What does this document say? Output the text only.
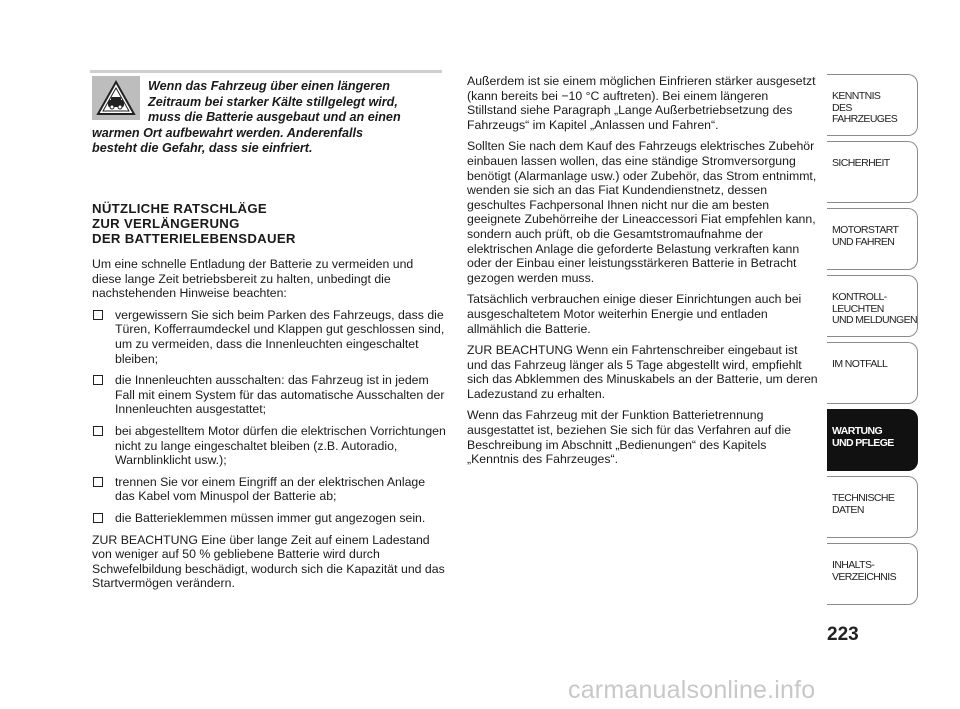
Wenn das Fahrzeug über einen längeren
Zeitraum bei starker Kälte stillgelegt wird,
muss die Batterie ausgebaut und an einen
warmen Ort aufbewahrt werden. Anderenfalls
besteht die Gefahr, dass sie einfriert.
NÜTZLICHE RATSCHLÄGE
ZUR VERLÄNGERUNG
DER BATTERIELEBENSDAUER

Um eine schnelle Entladung der Batterie zu vermeiden und diese lange Zeit betriebsbereit zu halten, unbedingt die nachstehenden Hinweise beachten:

vergewissern Sie sich beim Parken des Fahrzeugs, dass die Türen, Kofferraumdeckel und Klappen gut geschlossen sind, um zu vermeiden, dass die Innenleuchten eingeschaltet bleiben;
die Innenleuchten ausschalten: das Fahrzeug ist in jedem Fall mit einem System für das automatische Ausschalten der Innenleuchten ausgestattet;
bei abgestelltem Motor dürfen die elektrischen Vorrichtungen nicht zu lange eingeschaltet bleiben (z.B. Autoradio, Warnblinklicht usw.);
trennen Sie vor einem Eingriff an der elektrischen Anlage das Kabel vom Minuspol der Batterie ab;
die Batterieklemmen müssen immer gut angezogen sein.

ZUR BEACHTUNG Eine über lange Zeit auf einem Ladestand von weniger auf 50 % gebliebene Batterie wird durch Schwefelbildung beschädigt, wodurch sich die Kapazität und das Startvermögen verändern.

Außerdem ist sie einem möglichen Einfrieren stärker ausgesetzt (kann bereits bei −10 °C auftreten). Bei einem längeren Stillstand siehe Paragraph „Lange Außerbetriebsetzung des Fahrzeugs“ im Kapitel „Anlassen und Fahren“.

Sollten Sie nach dem Kauf des Fahrzeugs elektrisches Zubehör einbauen lassen wollen, das eine ständige Stromversorgung benötigt (Alarmanlage usw.) oder Zubehör, das Strom entnimmt, wenden sie sich an das Fiat Kundendienstnetz, dessen geschultes Fachpersonal Ihnen nicht nur die am besten geeignete Zubehörreihe der Lineaccessori Fiat empfehlen kann, sondern auch prüft, ob die Gesamtstromaufnahme der elektrischen Anlage die geforderte Belastung verkraften kann oder der Einbau einer leistungsstärkeren Batterie in Betracht gezogen werden muss.

Tatsächlich verbrauchen einige dieser Einrichtungen auch bei ausgeschaltetem Motor weiterhin Energie und entladen allmählich die Batterie.

ZUR BEACHTUNG Wenn ein Fahrtenschreiber eingebaut ist und das Fahrzeug länger als 5 Tage abgestellt wird, empfiehlt sich das Abklemmen des Minuskabels an der Batterie, um deren Ladezustand zu erhalten.

Wenn das Fahrzeug mit der Funktion Batterietrennung ausgestattet ist, beziehen Sie sich für das Verfahren auf die Beschreibung im Abschnitt „Bedienungen“ des Kapitels „Kenntnis des Fahrzeuges“.

KENNTNIS
DES FAHRZEUGES
SICHERHEIT
MOTORSTART
UND FAHREN
KONTROLL-
LEUCHTEN
UND MELDUNGEN
IM NOTFALL
WARTUNG
UND PFLEGE
TECHNISCHE
DATEN
INHALTS-
VERZEICHNIS
223
carmanualsonline.info
